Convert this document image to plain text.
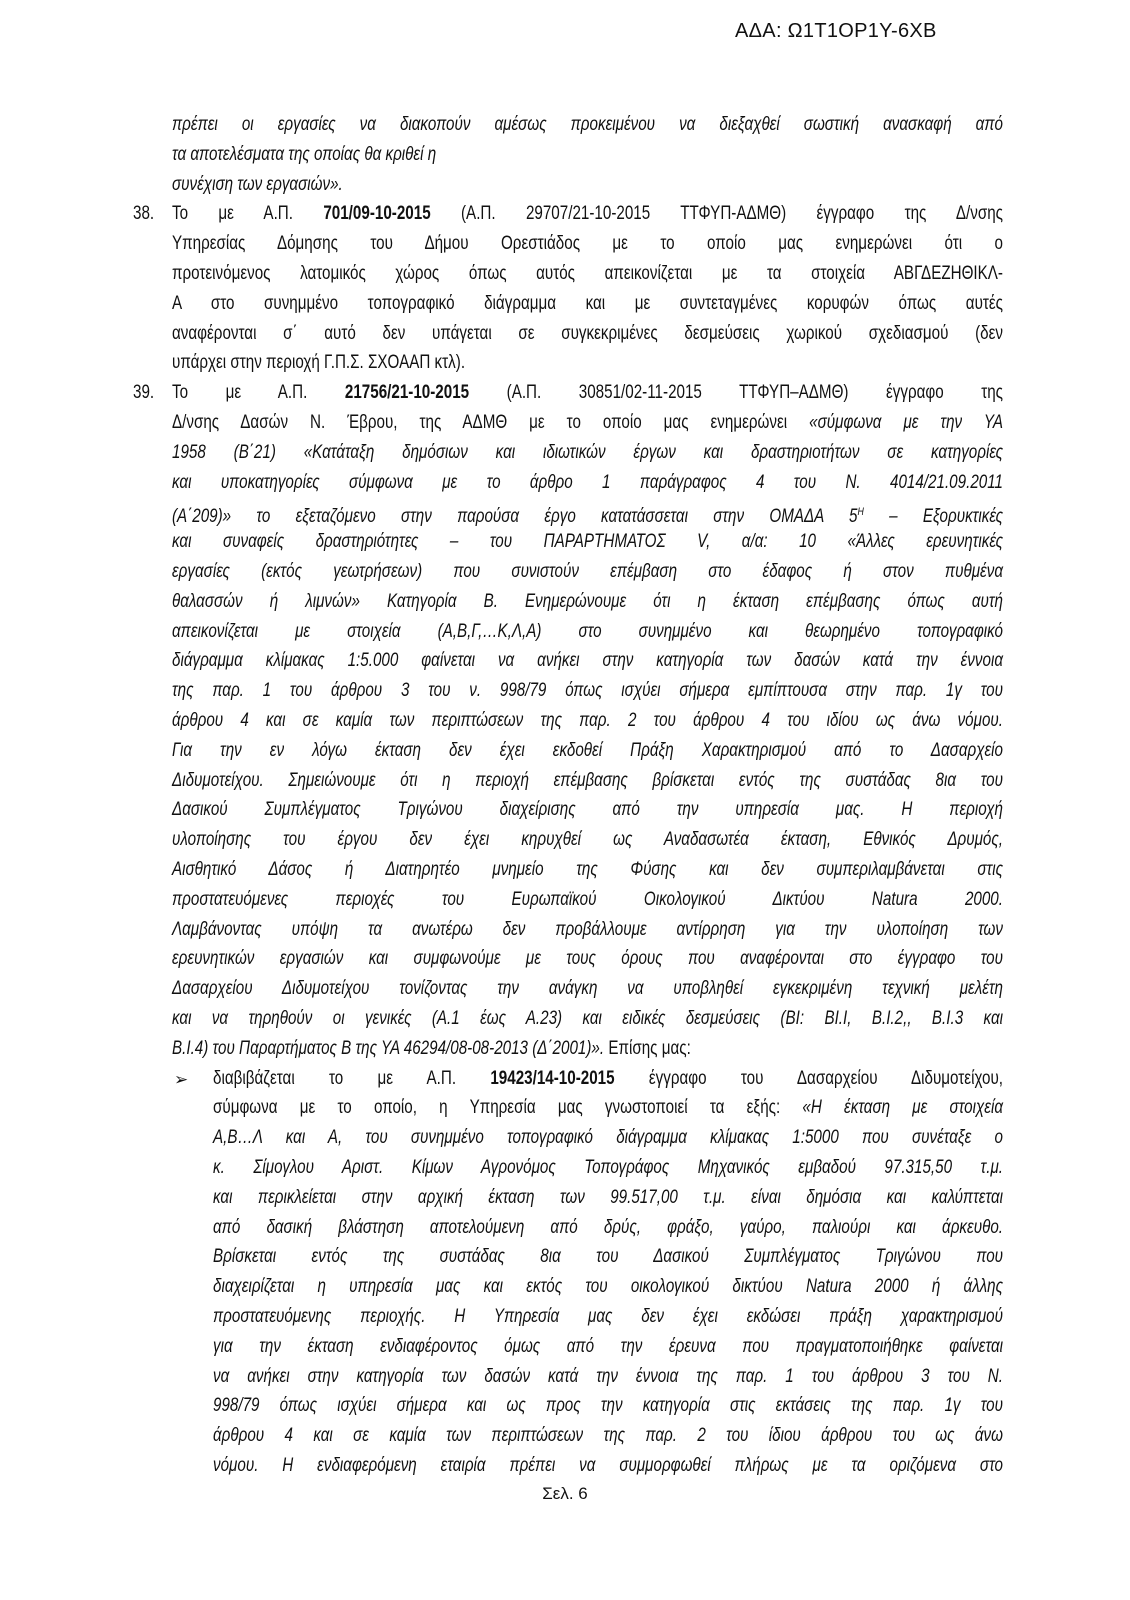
ΑΔΑ: Ω1Τ1ΟΡ1Υ-6ΧΒ
πρέπει οι εργασίες να διακοπούν αμέσως προκειμένου να διεξαχθεί σωστική ανασκαφή από
τα αποτελέσματα της οποίας θα κριθεί η
συνέχιση των εργασιών».
38. Το με Α.Π. 701/09-10-2015 (Α.Π. 29707/21-10-2015 ΤΤΦΥΠ-ΑΔΜΘ) έγγραφο της Δ/νσης
Υπηρεσίας Δόμησης του Δήμου Ορεστιάδος με το οποίο μας ενημερώνει ότι ο
προτεινόμενος λατομικός χώρος όπως αυτός απεικονίζεται με τα στοιχεία ΑΒΓΔΕΖΗΘΙΚΛ-
Α στο συνημμένο τοπογραφικό διάγραμμα και με συντεταγμένες κορυφών όπως αυτές
αναφέρονται σ΄ αυτό δεν υπάγεται σε συγκεκριμένες δεσμεύσεις χωρικού σχεδιασμού (δεν
υπάρχει στην περιοχή Γ.Π.Σ. ΣΧΟΑΑΠ κτλ).
39. Το με Α.Π. 21756/21-10-2015 (Α.Π. 30851/02-11-2015 ΤΤΦΥΠ–ΑΔΜΘ) έγγραφο της
Δ/νσης Δασών Ν. Έβρου, της ΑΔΜΘ με το οποίο μας ενημερώνει «σύμφωνα με την ΥΑ
1958 (Β΄21) «Κατάταξη δημόσιων και ιδιωτικών έργων και δραστηριοτήτων σε κατηγορίες
και υποκατηγορίες σύμφωνα με το άρθρο 1 παράγραφος 4 του Ν. 4014/21.09.2011
(Α΄209)» το εξεταζόμενο στην παρούσα έργο κατατάσσεται στην ΟΜΑΔΑ $5^H$ – Εξορυκτικές
και συναφείς δραστηριότητες – του ΠΑΡΑΡΤΗΜΑΤΟΣ V, α/α: 10 «Άλλες ερευνητικές
εργασίες (εκτός γεωτρήσεων) που συνιστούν επέμβαση στο έδαφος ή στον πυθμένα
θαλασσών ή λιμνών» Κατηγορία Β. Ενημερώνουμε ότι η έκταση επέμβασης όπως αυτή
απεικονίζεται με στοιχεία (Α,Β,Γ,…Κ,Λ,Α) στο συνημμένο και θεωρημένο τοπογραφικό
διάγραμμα κλίμακας 1:5.000 φαίνεται να ανήκει στην κατηγορία των δασών κατά την έννοια
της παρ. 1 του άρθρου 3 του ν. 998/79 όπως ισχύει σήμερα εμπίπτουσα στην παρ. 1γ του
άρθρου 4 και σε καμία των περιπτώσεων της παρ. 2 του άρθρου 4 του ιδίου ως άνω νόμου.
Για την εν λόγω έκταση δεν έχει εκδοθεί Πράξη Χαρακτηρισμού από το Δασαρχείο
Διδυμοτείχου. Σημειώνουμε ότι η περιοχή επέμβασης βρίσκεται εντός της συστάδας 8ια του
Δασικού Συμπλέγματος Τριγώνου διαχείρισης από την υπηρεσία μας. Η περιοχή
υλοποίησης του έργου δεν έχει κηρυχθεί ως Αναδασωτέα έκταση, Εθνικός Δρυμός,
Αισθητικό Δάσος ή Διατηρητέο μνημείο της Φύσης και δεν συμπεριλαμβάνεται στις
προστατευόμενες περιοχές του Ευρωπαϊκού Οικολογικού Δικτύου Natura 2000.
Λαμβάνοντας υπόψη τα ανωτέρω δεν προβάλλουμε αντίρρηση για την υλοποίηση των
ερευνητικών εργασιών και συμφωνούμε με τους όρους που αναφέρονται στο έγγραφο του
Δασαρχείου Διδυμοτείχου τονίζοντας την ανάγκη να υποβληθεί εγκεκριμένη τεχνική μελέτη
και να τηρηθούν οι γενικές (Α.1 έως Α.23) και ειδικές δεσμεύσεις (ΒΙ: ΒΙ.Ι, Β.Ι.2,, Β.Ι.3 και
Β.Ι.4) του Παραρτήματος Β της ΥΑ 46294/08-08-2013 (Δ΄2001)». Επίσης μας:
➢ διαβιβάζεται το με Α.Π. 19423/14-10-2015 έγγραφο του Δασαρχείου Διδυμοτείχου,
σύμφωνα με το οποίο, η Υπηρεσία μας γνωστοποιεί τα εξής: «Η έκταση με στοιχεία
Α,Β…Λ και Α, του συνημμένο τοπογραφικό διάγραμμα κλίμακας 1:5000 που συνέταξε ο
κ. Σίμογλου Αριστ. Κίμων Αγρονόμος Τοπογράφος Μηχανικός εμβαδού 97.315,50 τ.μ.
και περικλείεται στην αρχική έκταση των 99.517,00 τ.μ. είναι δημόσια και καλύπτεται
από δασική βλάστηση αποτελούμενη από δρύς, φράξο, γαύρο, παλιούρι και άρκευθο.
Βρίσκεται εντός της συστάδας 8ια του Δασικού Συμπλέγματος Τριγώνου που
διαχειρίζεται η υπηρεσία μας και εκτός του οικολογικού δικτύου Natura 2000 ή άλλης
προστατευόμενης περιοχής. Η Υπηρεσία μας δεν έχει εκδώσει πράξη χαρακτηρισμού
για την έκταση ενδιαφέροντος όμως από την έρευνα που πραγματοποιήθηκε φαίνεται
να ανήκει στην κατηγορία των δασών κατά την έννοια της παρ. 1 του άρθρου 3 του Ν.
998/79 όπως ισχύει σήμερα και ως προς την κατηγορία στις εκτάσεις της παρ. 1γ του
άρθρου 4 και σε καμία των περιπτώσεων της παρ. 2 του ίδιου άρθρου του ως άνω
νόμου. Η ενδιαφερόμενη εταιρία πρέπει να συμμορφωθεί πλήρως με τα οριζόμενα στο
Σελ. 6
